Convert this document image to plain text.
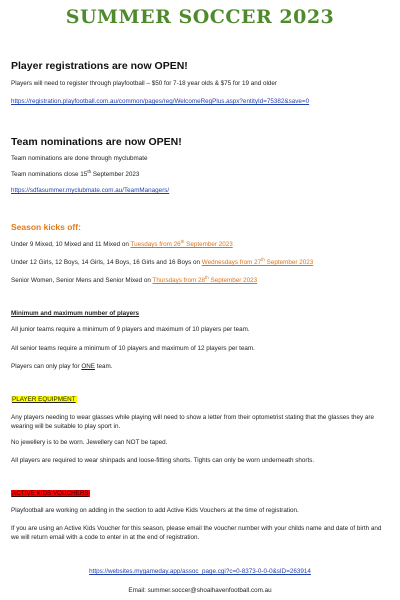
SUMMER SOCCER 2023
Player registrations are now OPEN!
Players will need to register through playfootball – $50 for 7-18 year olds & $75 for 19 and older
https://registration.playfootball.com.au/common/pages/reg/WelcomeRegPlus.aspx?entityId=75382&save=0
Team nominations are now OPEN!
Team nominations are done through myclubmate
Team nominations close 15th September 2023
https://sdfasummer.myclubmate.com.au/TeamManagers/
Season kicks off:
Under 9 Mixed, 10 Mixed and 11 Mixed on Tuesdays from 26th September 2023
Under 12 Girls, 12 Boys, 14 Girls, 14 Boys, 16 Girls and 16 Boys on Wednesdays from 27th September 2023
Senior Women, Senior Mens and Senior Mixed on Thursdays from 28th September 2023
Minimum and maximum number of players
All junior teams require a minimum of 9 players and maximum of 10 players per team.
All senior teams require a minimum of 10 players and maximum of 12 players per team.
Players can only play for ONE team.
PLAYER EQUIPMENT
Any players needing to wear glasses while playing will need to show a letter from their optometrist stating that the glasses they are wearing will be suitable to play sport in.
No jewellery is to be worn. Jewellery can NOT be taped.
All players are required to wear shinpads and loose-fitting shorts. Tights can only be worn underneath shorts.
ACTIVE KIDS VOUCHERS
Playfootball are working on adding in the section to add Active Kids Vouchers at the time of registration.
If you are using an Active Kids Voucher for this season, please email the voucher number with your childs name and date of birth and we will return email with a code to enter in at the end of registration.
https://websites.mygameday.app/assoc_page.cgi?c=0-8373-0-0-0&sID=263914
Email: summer.soccer@shoalhavenfootball.com.au
